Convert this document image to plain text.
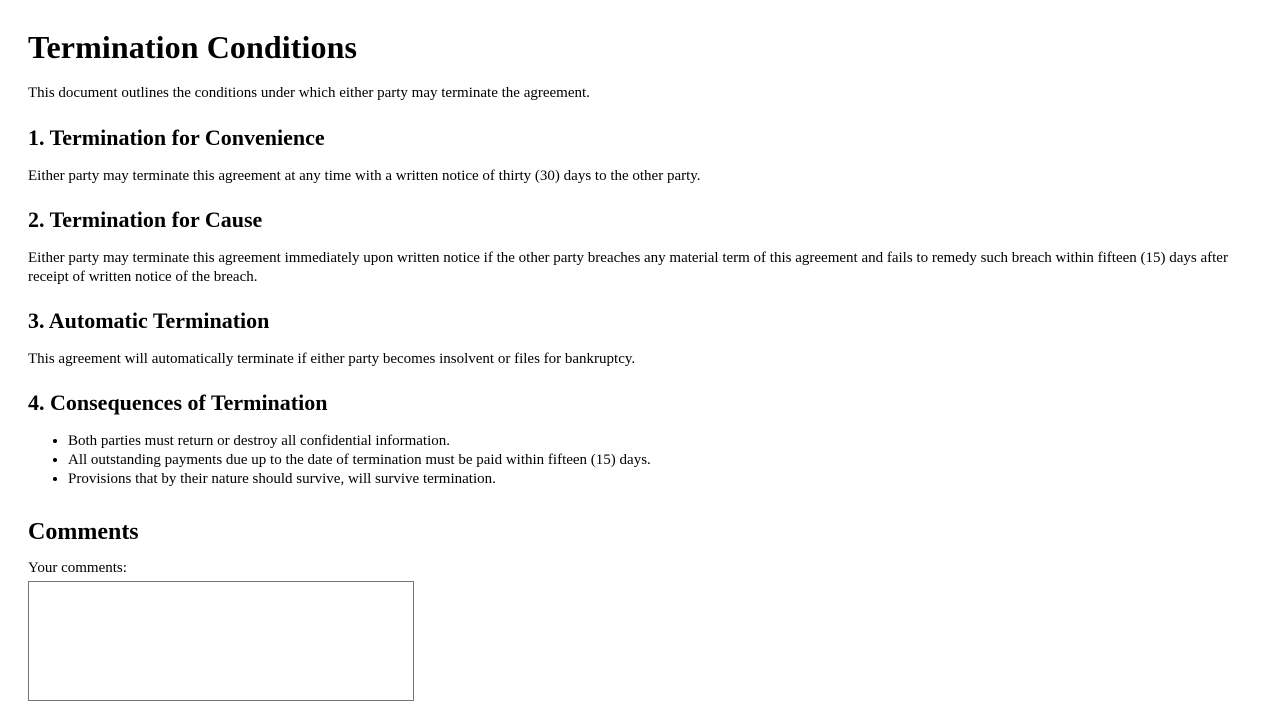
Termination Conditions

This document outlines the conditions under which either party may terminate the agreement.

1. Termination for Convenience

Either party may terminate this agreement at any time with a written notice of thirty (30) days to the other party.

2. Termination for Cause

Either party may terminate this agreement immediately upon written notice if the other party breaches any material term of this agreement and fails to remedy such breach within fifteen (15) days after receipt of written notice of the breach.

3. Automatic Termination

This agreement will automatically terminate if either party becomes insolvent or files for bankruptcy.

4. Consequences of Termination
• Both parties must return or destroy all confidential information.
• All outstanding payments due up to the date of termination must be paid within fifteen (15) days.
• Provisions that by their nature should survive, will survive termination.
Comments
Your comments:
